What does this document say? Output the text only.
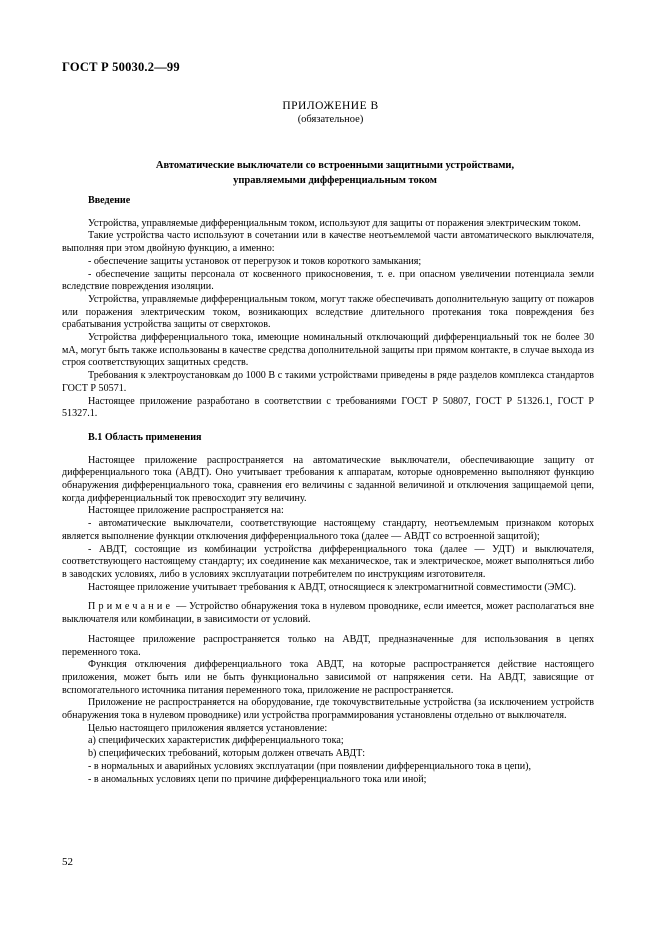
ГОСТ Р 50030.2—99
ПРИЛОЖЕНИЕ В
(обязательное)
Автоматические выключатели со встроенными защитными устройствами,
управляемыми дифференциальным током

Введение

Устройства, управляемые дифференциальным током, используют для защиты от поражения электрическим током.

Такие устройства часто используют в сочетании или в качестве неотъемлемой части автоматического выключателя, выполняя при этом двойную функцию, а именно:

- обеспечение защиты установок от перегрузок и токов короткого замыкания;

- обеспечение защиты персонала от косвенного прикосновения, т. е. при опасном увеличении потенциала земли вследствие повреждения изоляции.

Устройства, управляемые дифференциальным током, могут также обеспечивать дополнительную защиту от пожаров или поражения электрическим током, возникающих вследствие длительного протекания тока повреждения без срабатывания устройства защиты от сверхтоков.

Устройства дифференциального тока, имеющие номинальный отключающий дифференциальный ток не более 30 мА, могут быть также использованы в качестве средства дополнительной защиты при прямом контакте, в случае выхода из строя соответствующих защитных средств.

Требования к электроустановкам до 1000 В с такими устройствами приведены в ряде разделов комплекса стандартов ГОСТ Р 50571.

Настоящее приложение разработано в соответствии с требованиями ГОСТ Р 50807, ГОСТ Р 51326.1, ГОСТ Р 51327.1.

В.1 Область применения

Настоящее приложение распространяется на автоматические выключатели, обеспечивающие защиту от дифференциального тока (АВДТ). Оно учитывает требования к аппаратам, которые одновременно выполняют функцию обнаружения дифференциального тока, сравнения его величины с заданной величиной и отключения защищаемой цепи, когда дифференциальный ток превосходит эту величину.

Настоящее приложение распространяется на:

- автоматические выключатели, соответствующие настоящему стандарту, неотъемлемым признаком которых является выполнение функции отключения дифференциального тока (далее — АВДТ со встроенной защитой);

- АВДТ, состоящие из комбинации устройства дифференциального тока (далее — УДТ) и выключателя, соответствующего настоящему стандарту; их соединение как механическое, так и электрическое, может выполняться либо в заводских условиях, либо в условиях эксплуатации потребителем по инструкциям изготовителя.

Настоящее приложение учитывает требования к АВДТ, относящиеся к электромагнитной совместимости (ЭМС).

Примечание — Устройство обнаружения тока в нулевом проводнике, если имеется, может располагаться вне выключателя или комбинации, в зависимости от условий.

Настоящее приложение распространяется только на АВДТ, предназначенные для использования в цепях переменного тока.

Функция отключения дифференциального тока АВДТ, на которые распространяется действие настоящего приложения, может быть или не быть функционально зависимой от напряжения сети. На АВДТ, зависящие от вспомогательного источника питания переменного тока, приложение не распространяется.

Приложение не распространяется на оборудование, где токочувствительные устройства (за исключением устройств обнаружения тока в нулевом проводнике) или устройства программирования установлены отдельно от выключателя.

Целью настоящего приложения является установление:

a) специфических характеристик дифференциального тока;

b) специфических требований, которым должен отвечать АВДТ:

- в нормальных и аварийных условиях эксплуатации (при появлении дифференциального тока в цепи),

- в аномальных условиях цепи по причине дифференциального тока или иной;

52
